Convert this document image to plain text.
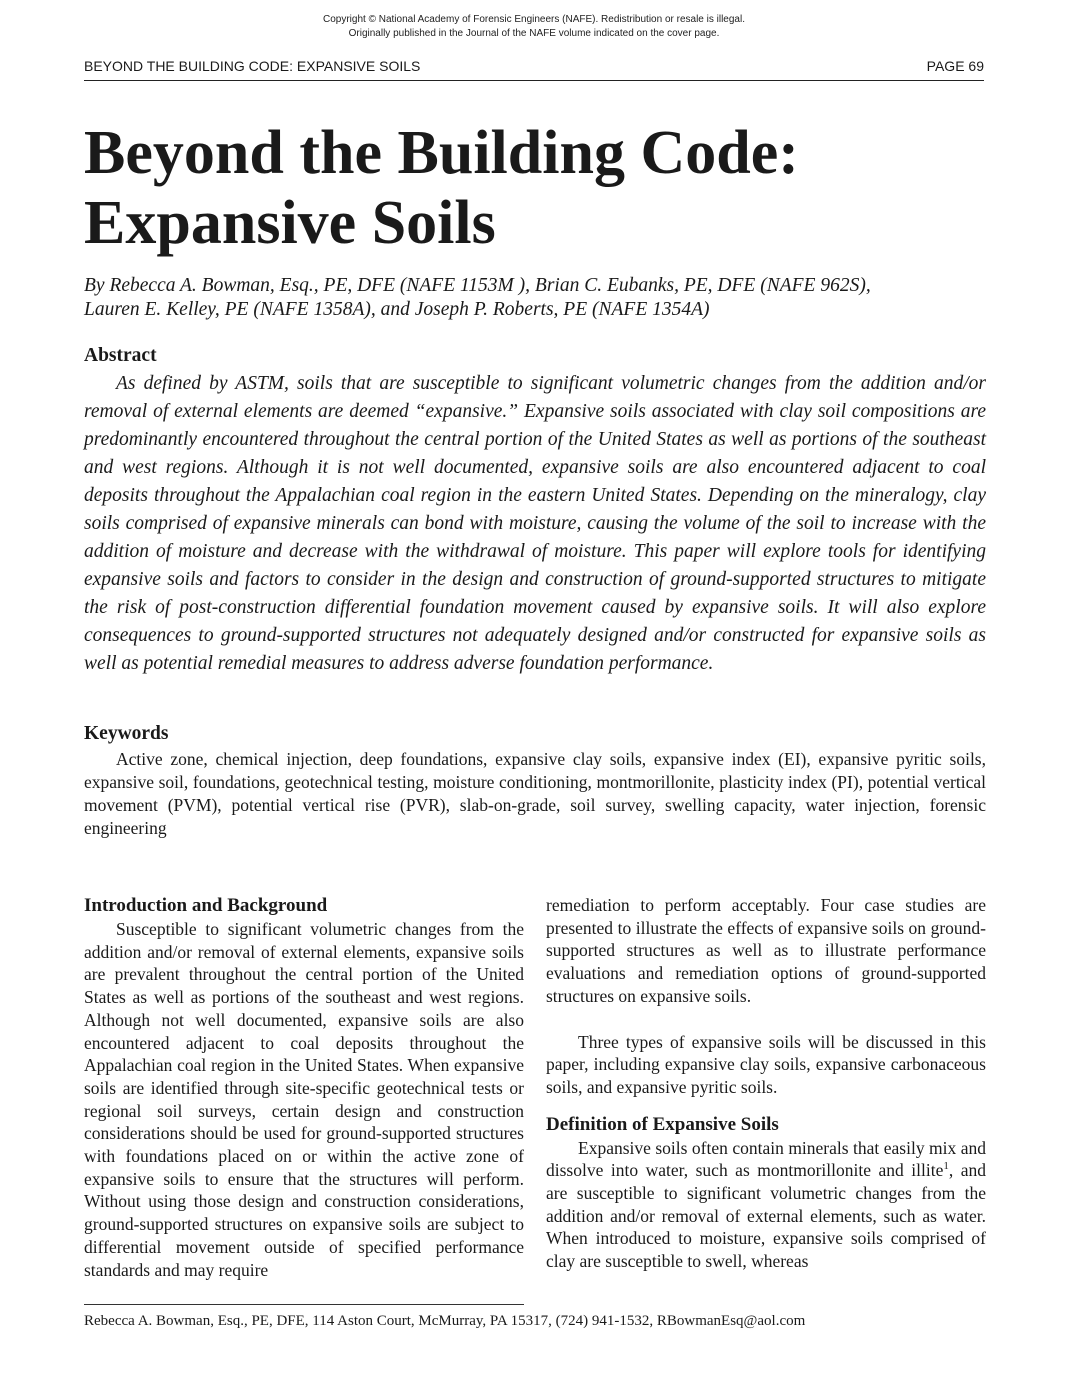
Copyright © National Academy of Forensic Engineers (NAFE). Redistribution or resale is illegal.
Originally published in the Journal of the NAFE volume indicated on the cover page.
BEYOND THE BUILDING CODE: EXPANSIVE SOILS	PAGE 69
Beyond the Building Code:
Expansive Soils
By Rebecca A. Bowman, Esq., PE, DFE (NAFE 1153M ), Brian C. Eubanks, PE, DFE (NAFE 962S),
Lauren E. Kelley, PE (NAFE 1358A), and Joseph P. Roberts, PE (NAFE 1354A)
Abstract

As defined by ASTM, soils that are susceptible to significant volumetric changes from the addition and/or removal of external elements are deemed “expansive.” Expansive soils associated with clay soil compositions are predominantly encountered throughout the central portion of the United States as well as portions of the southeast and west regions. Although it is not well documented, expansive soils are also encountered adjacent to coal deposits throughout the Appalachian coal region in the eastern United States. Depending on the mineralogy, clay soils comprised of expansive minerals can bond with moisture, causing the volume of the soil to increase with the addition of moisture and decrease with the withdrawal of moisture. This paper will explore tools for identifying expansive soils and factors to consider in the design and construction of ground-supported structures to mitigate the risk of post-construction differential foundation movement caused by expansive soils. It will also explore consequences to ground-supported structures not adequately designed and/or constructed for expansive soils as well as potential remedial measures to address adverse foundation performance.

Keywords

Active zone, chemical injection, deep foundations, expansive clay soils, expansive index (EI), expansive pyritic soils, expansive soil, foundations, geotechnical testing, moisture conditioning, montmorillonite, plasticity index (PI), potential vertical movement (PVM), potential vertical rise (PVR), slab-on-grade, soil survey, swelling capacity, water injection, forensic engineering

Introduction and Background

Susceptible to significant volumetric changes from the addition and/or removal of external elements, expansive soils are prevalent throughout the central portion of the United States as well as portions of the southeast and west regions. Although not well documented, expansive soils are also encountered adjacent to coal deposits throughout the Appalachian coal region in the United States. When expansive soils are identified through site-specific geotechnical tests or regional soil surveys, certain design and construction considerations should be used for ground-supported structures with foundations placed on or within the active zone of expansive soils to ensure that the structures will perform. Without using those design and construction considerations, ground-supported structures on expansive soils are subject to differential movement outside of specified performance standards and may require

remediation to perform acceptably. Four case studies are presented to illustrate the effects of expansive soils on ground-supported structures as well as to illustrate performance evaluations and remediation options of ground-supported structures on expansive soils.

Three types of expansive soils will be discussed in this paper, including expansive clay soils, expansive carbonaceous soils, and expansive pyritic soils.

Definition of Expansive Soils

Expansive soils often contain minerals that easily mix and dissolve into water, such as montmorillonite and illite$^1$, and are susceptible to significant volumetric changes from the addition and/or removal of external elements, such as water. When introduced to moisture, expansive soils comprised of clay are susceptible to swell, whereas

Rebecca A. Bowman, Esq., PE, DFE, 114 Aston Court, McMurray, PA 15317, (724) 941-1532, RBowmanEsq@aol.com
